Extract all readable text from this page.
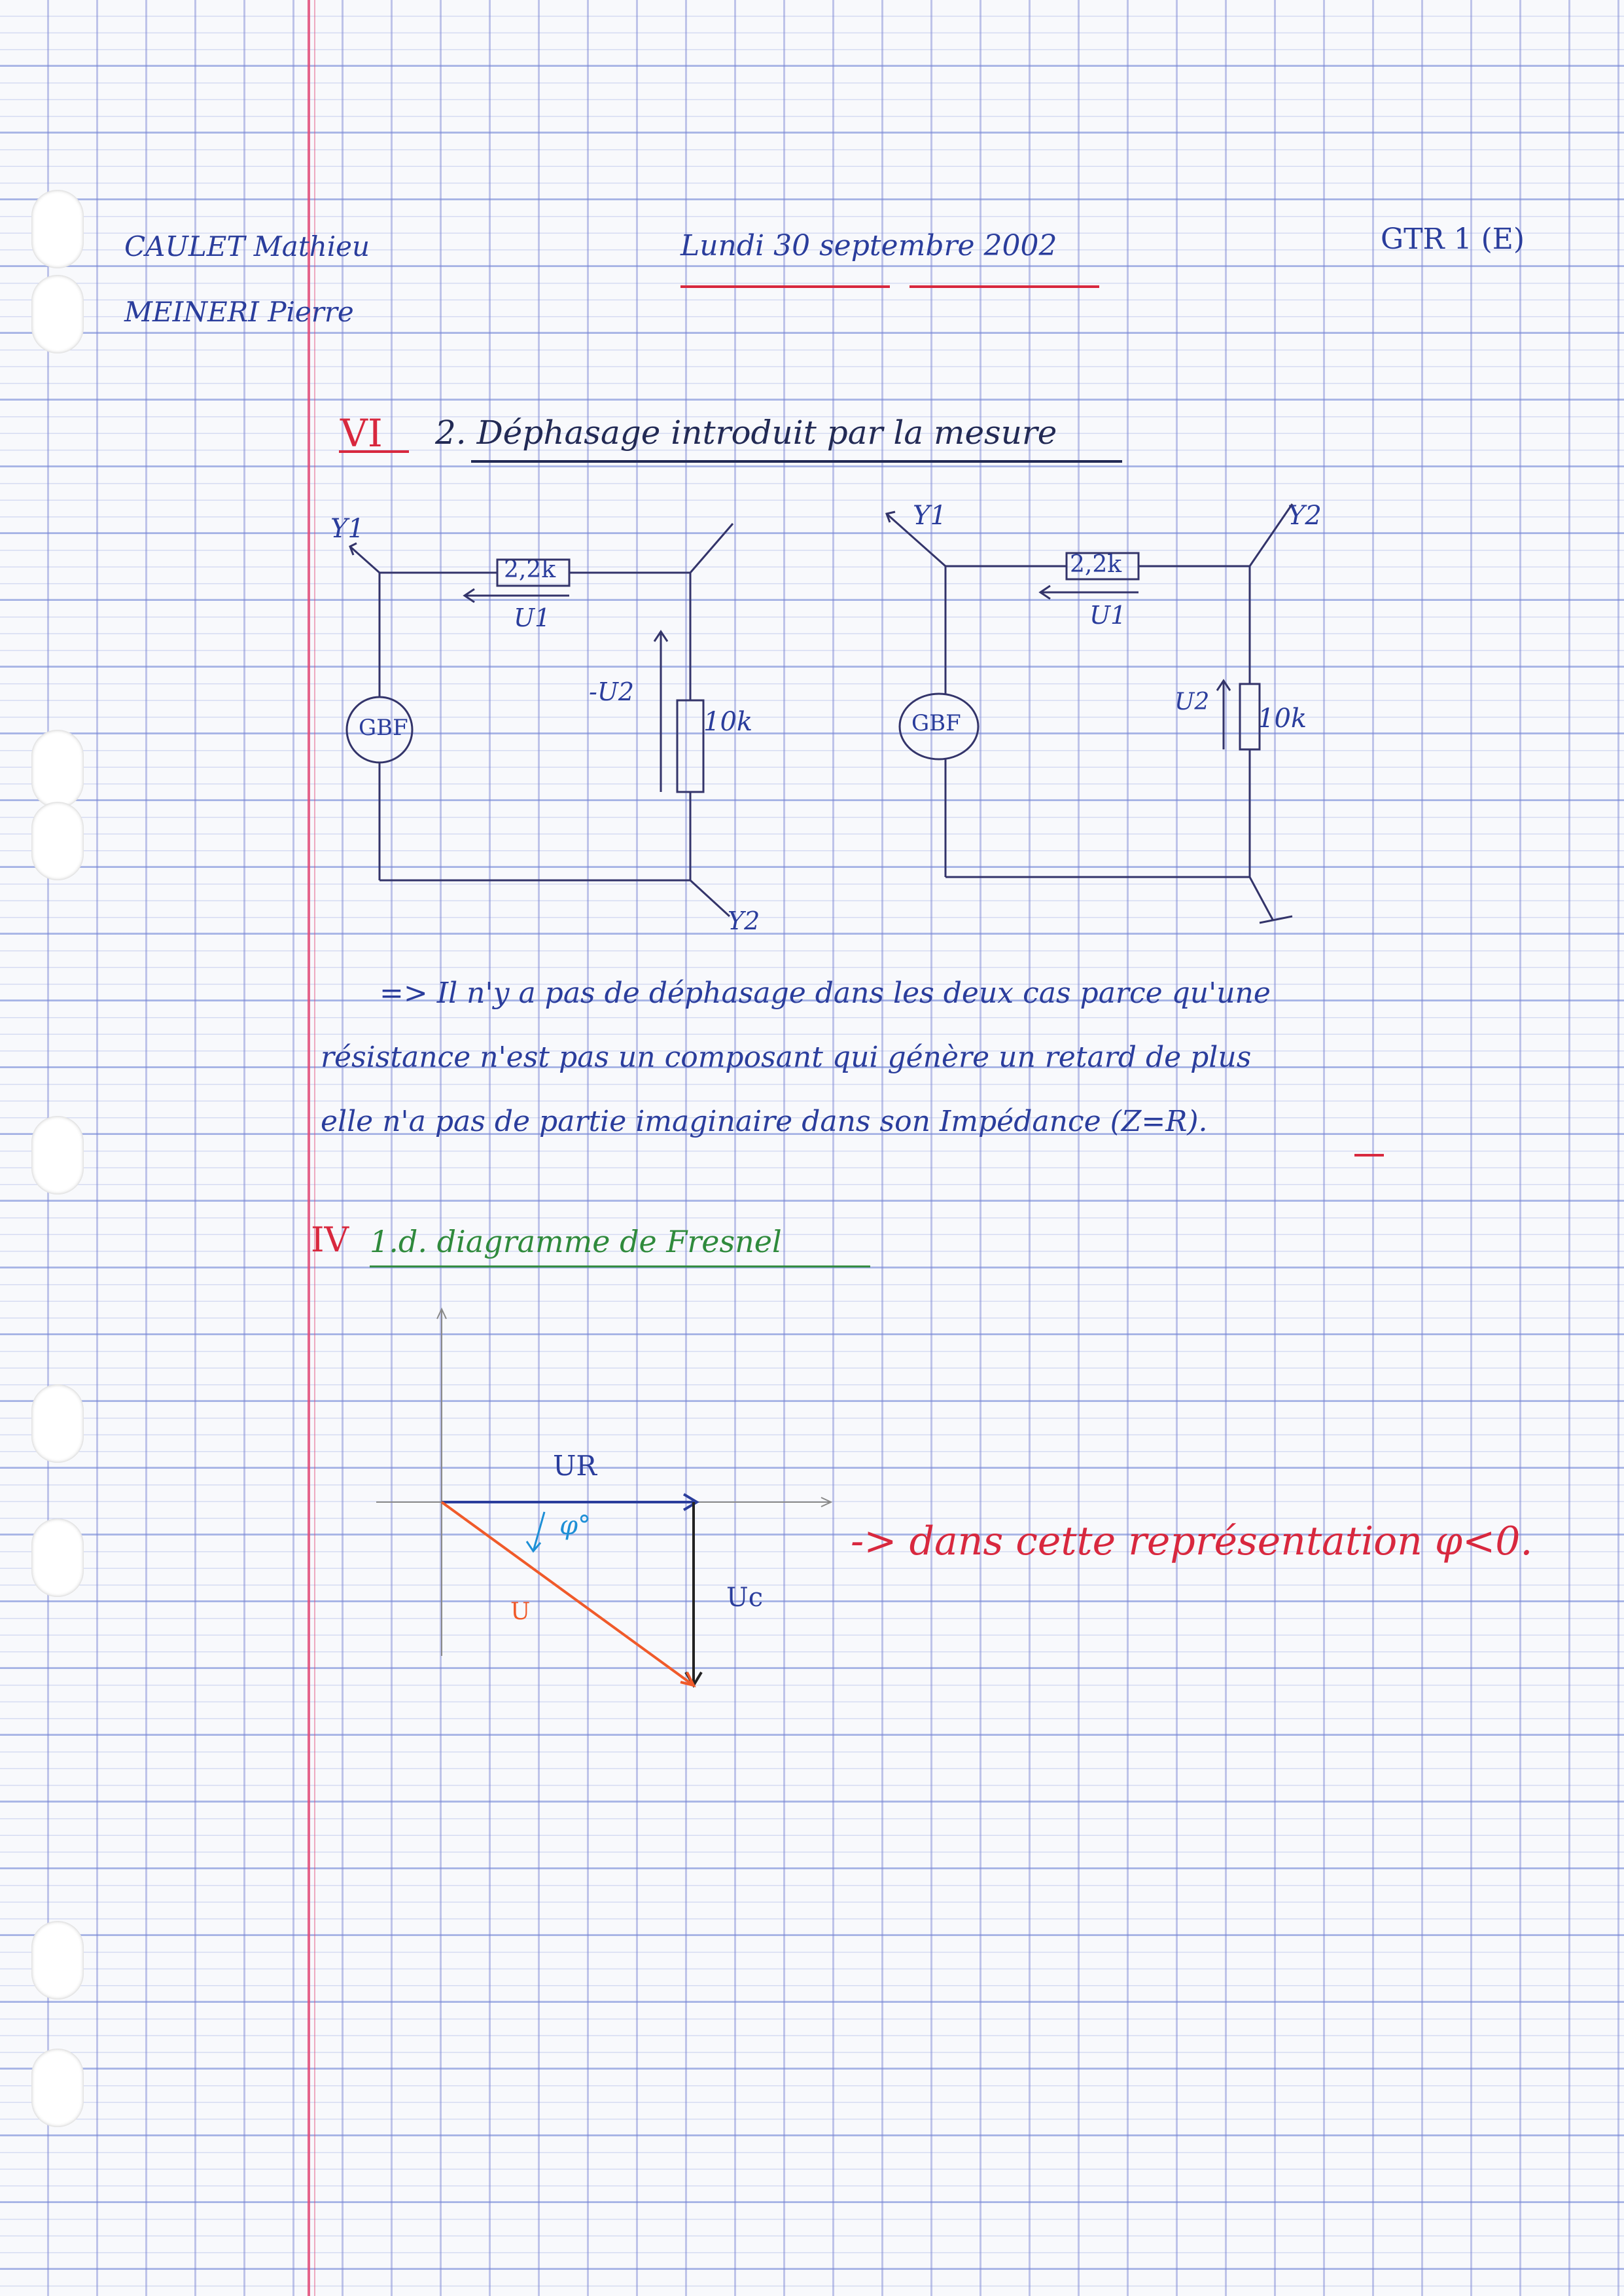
CAULET Mathieu
MEINERI Pierre
Lundi 30 septembre 2002	GTR 1 (E)
VI 2. Déphasage introduit par la mesure
Y1
2,2k
U1
-U2
10k
GBF
Y2
Y1	Y2
2,2k
U1
U2
10k
GBF
=> Il n'y a pas de déphasage dans les deux cas parce qu'une
résistance n'est pas un composant qui génère un retard de plus
elle n'a pas de partie imaginaire dans son Impédance (Z=R).
IV 1.d. diagramme de Fresnel
UR
Uc
U
φ°	-> dans cette représentation φ<0.
